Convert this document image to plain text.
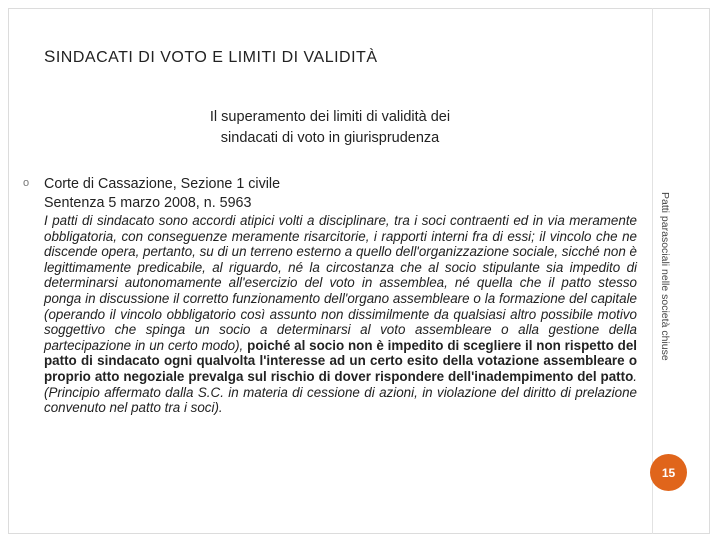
SINDACATI DI VOTO E LIMITI DI VALIDITÀ
Il superamento dei limiti di validità dei
sindacati di voto in giurisprudenza
o Corte di Cassazione, Sezione 1 civile
Sentenza 5 marzo 2008, n. 5963
I patti di sindacato sono accordi atipici volti a disciplinare, tra i soci contraenti ed in via meramente obbligatoria, con conseguenze meramente risarcitorie, i rapporti interni fra di essi; il vincolo che ne discende opera, pertanto, su di un terreno esterno a quello dell'organizzazione sociale, sicché non è legittimamente predicabile, al riguardo, né la circostanza che al socio stipulante sia impedito di determinarsi autonomamente all'esercizio del voto in assemblea, né quella che il patto stesso ponga in discussione il corretto funzionamento dell'organo assembleare o la formazione del capitale (operando il vincolo obbligatorio così assunto non dissimilmente da qualsiasi altro possibile motivo soggettivo che spinga un socio a determinarsi al voto assembleare o alla gestione della partecipazione in un certo modo), poiché al socio non è impedito di scegliere il non rispetto del patto di sindacato ogni qualvolta l'interesse ad un certo esito della votazione assembleare o proprio atto negoziale prevalga sul rischio di dover rispondere dell'inadempimento del patto. (Principio affermato dalla S.C. in materia di cessione di azioni, in violazione del diritto di prelazione convenuto nel patto tra i soci).
Patti parasociali nelle società chiuse
15
